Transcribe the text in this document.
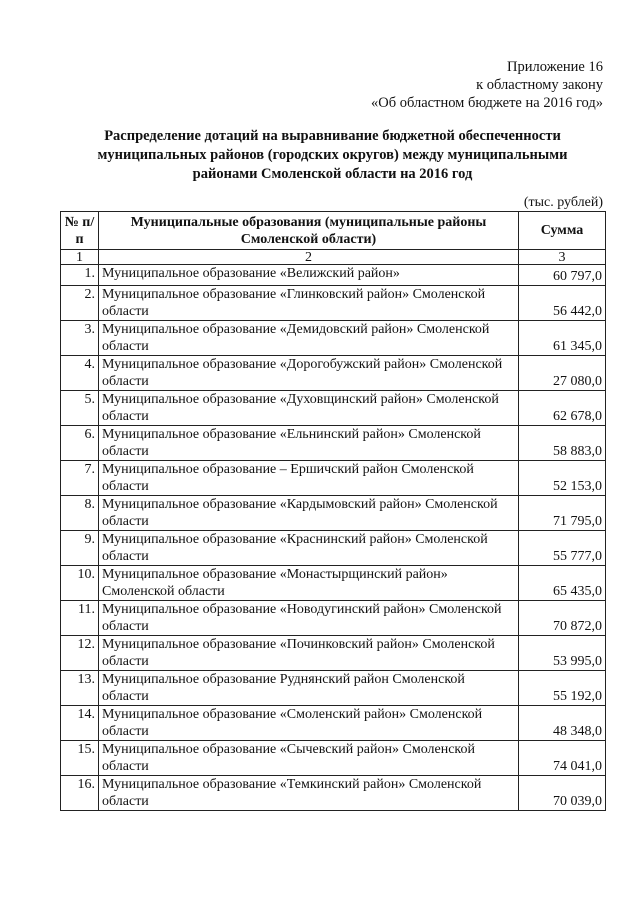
Приложение 16
к областному закону
«Об областном бюджете на 2016 год»
Распределение дотаций на выравнивание бюджетной обеспеченности
муниципальных районов (городских округов) между муниципальными
районами Смоленской области на 2016 год
(тыс. рублей)
№ п/п	Муниципальные образования (муниципальные районы Смоленской области)	Сумма
1	2	3
1.	Муниципальное образование «Велижский район»	60 797,0
2.	Муниципальное образование «Глинковский район» Смоленской области	56 442,0
3.	Муниципальное образование «Демидовский район» Смоленской области	61 345,0
4.	Муниципальное образование «Дорогобужский район» Смоленской области	27 080,0
5.	Муниципальное образование «Духовщинский район» Смоленской области	62 678,0
6.	Муниципальное образование «Ельнинский район» Смоленской области	58 883,0
7.	Муниципальное образование – Ершичский район Смоленской области	52 153,0
8.	Муниципальное образование «Кардымовский район» Смоленской области	71 795,0
9.	Муниципальное образование «Краснинский район» Смоленской области	55 777,0
10.	Муниципальное образование «Монастырщинский район» Смоленской области	65 435,0
11.	Муниципальное образование «Новодугинский район» Смоленской области	70 872,0
12.	Муниципальное образование «Починковский район» Смоленской области	53 995,0
13.	Муниципальное образование Руднянский район Смоленской области	55 192,0
14.	Муниципальное образование «Смоленский район» Смоленской области	48 348,0
15.	Муниципальное образование «Сычевский район» Смоленской области	74 041,0
16.	Муниципальное образование «Темкинский район» Смоленской области	70 039,0
